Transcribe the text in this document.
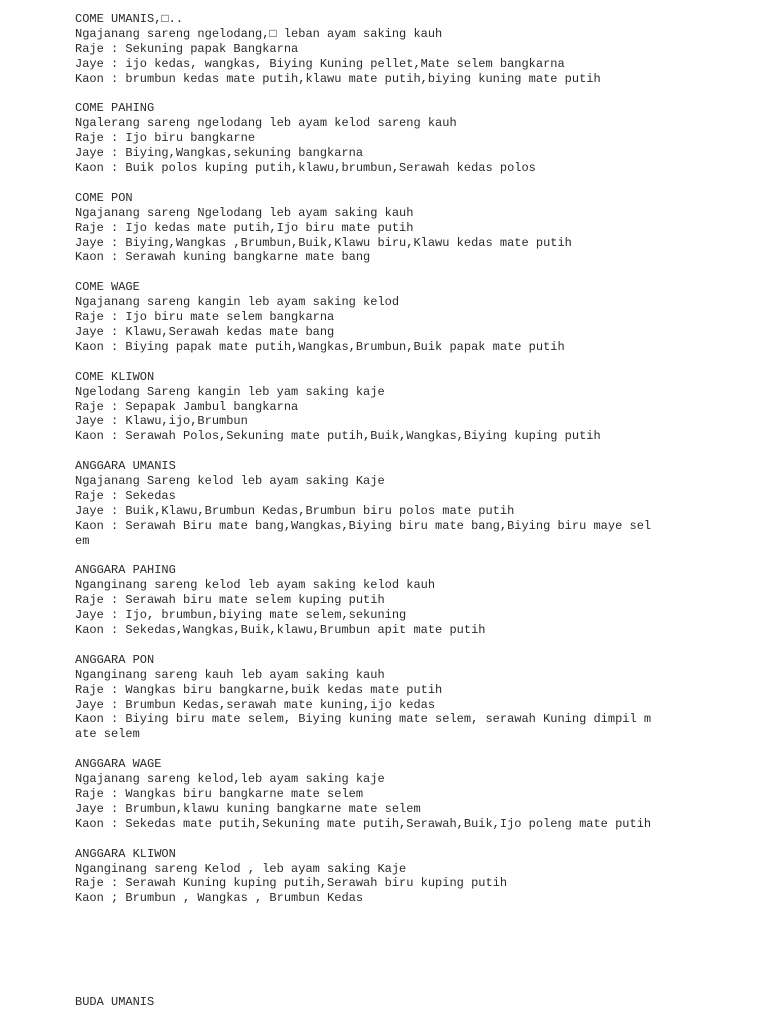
COME UMANIS,□..
Ngajanang sareng ngelodang,□ leban ayam saking kauh
Raje : Sekuning papak Bangkarna
Jaye : ijo kedas, wangkas, Biying Kuning pellet,Mate selem bangkarna
Kaon : brumbun kedas mate putih,klawu mate putih,biying kuning mate putih
COME PAHING
Ngalerang sareng ngelodang leb ayam kelod sareng kauh
Raje : Ijo biru bangkarne
Jaye : Biying,Wangkas,sekuning bangkarna
Kaon : Buik polos kuping putih,klawu,brumbun,Serawah kedas polos
COME PON
Ngajanang sareng Ngelodang leb ayam saking kauh
Raje : Ijo kedas mate putih,Ijo biru mate putih
Jaye : Biying,Wangkas ,Brumbun,Buik,Klawu biru,Klawu kedas mate putih
Kaon : Serawah kuning bangkarne mate bang
COME WAGE
Ngajanang sareng kangin leb ayam saking kelod
Raje : Ijo biru mate selem bangkarna
Jaye : Klawu,Serawah kedas mate bang
Kaon : Biying papak mate putih,Wangkas,Brumbun,Buik papak mate putih
COME KLIWON
Ngelodang Sareng kangin leb yam saking kaje
Raje : Sepapak Jambul bangkarna
Jaye : Klawu,ijo,Brumbun
Kaon : Serawah Polos,Sekuning mate putih,Buik,Wangkas,Biying kuping putih
ANGGARA UMANIS
Ngajanang Sareng kelod leb ayam saking Kaje
Raje : Sekedas
Jaye : Buik,Klawu,Brumbun Kedas,Brumbun biru polos mate putih
Kaon : Serawah Biru mate bang,Wangkas,Biying biru mate bang,Biying biru maye sel
em
ANGGARA PAHING
Nganginang sareng kelod leb ayam saking kelod kauh
Raje : Serawah biru mate selem kuping putih
Jaye : Ijo, brumbun,biying mate selem,sekuning
Kaon : Sekedas,Wangkas,Buik,klawu,Brumbun apit mate putih
ANGGARA PON
Nganginang sareng kauh leb ayam saking kauh
Raje : Wangkas biru bangkarne,buik kedas mate putih
Jaye : Brumbun Kedas,serawah mate kuning,ijo kedas
Kaon : Biying biru mate selem, Biying kuning mate selem, serawah Kuning dimpil m
ate selem
ANGGARA WAGE
Ngajanang sareng kelod,leb ayam saking kaje
Raje : Wangkas biru bangkarne mate selem
Jaye : Brumbun,klawu kuning bangkarne mate selem
Kaon : Sekedas mate putih,Sekuning mate putih,Serawah,Buik,Ijo poleng mate putih
ANGGARA KLIWON
Nganginang sareng Kelod , leb ayam saking Kaje
Raje : Serawah Kuning kuping putih,Serawah biru kuping putih
Kaon ; Brumbun , Wangkas , Brumbun Kedas
BUDA UMANIS
